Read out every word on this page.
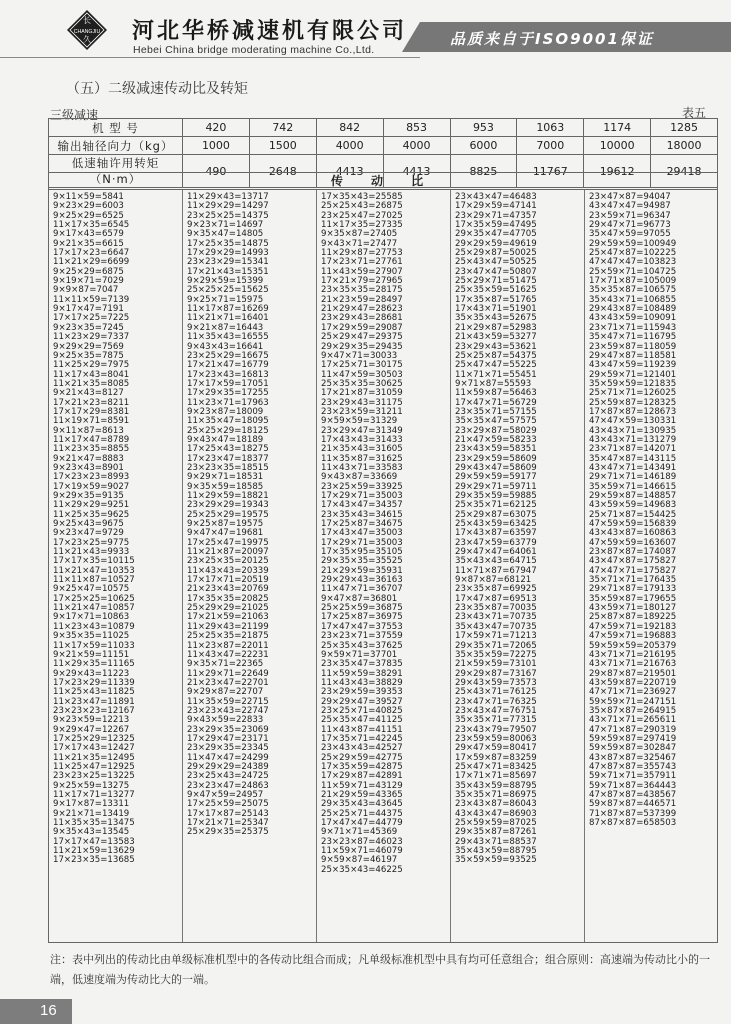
长
CHANGJIU
久 河北华桥减速机有限公司
Hebei China bridge moderating machine Co.,Ltd.
品质来自于ISO9001保证
（五）二级减速传动比及转矩
三级减速	表五
机 型 号	420	742	842	853	953	1063	1174	1285
输出轴径向力（kg）	1000	1500	4000	4000	6000	7000	10000	18000
低速轴许用转矩（N·m）	490	2648	4413	4413	8825	11767	19612	29418
传 动 比
9×11×59=5841
9×23×29=6003
9×25×29=6525
11×17×35=6545
9×17×43=6579
9×21×35=6615
17×17×23=6647
11×21×29=6699
9×25×29=6875
9×19×71=7029
9×9×87=7047
11×11×59=7139
9×17×47=7191
17×17×25=7225
9×23×35=7245
11×23×29=7337
9×29×29=7569
9×25×35=7875
11×25×29=7975
11×17×43=8041
11×21×35=8085
9×21×43=8127
17×21×23=8211
17×17×29=8381
11×19×71=8591
9×11×87=8613
11×17×47=8789
11×23×35=8855
9×21×47=8883
9×23×43=8901
17×23×23=8993
17×19×59=9027
9×29×35=9135
11×29×29=9251
11×25×35=9625
9×25×43=9675
9×23×47=9729
17×23×25=9775
11×21×43=9933
17×17×35=10115
11×21×47=10353
11×11×87=10527
9×25×47=10575
17×25×25=10625
11×21×47=10857
9×17×71=10863
11×23×43=10879
9×35×35=11025
11×17×59=11033
9×21×59=11151
11×29×35=11165
9×29×43=11223
17×23×29=11339
11×25×43=11825
11×23×47=11891
23×23×23=12167
9×23×59=12213
9×29×47=12267
17×25×29=12325
17×17×43=12427
11×21×35=12495
11×25×47=12925
23×23×25=13225
9×25×59=13275
11×17×71=13277
9×17×87=13311
9×21×71=13419
11×35×35=13475
9×35×43=13545
17×17×47=13583
11×21×59=13629
17×23×35=13685
11×29×43=13717
11×29×29=14297
23×25×25=14375
9×23×71=14697
9×35×47=14805
17×25×35=14875
17×29×29=14993
23×23×29=15341
17×21×43=15351
9×29×59=15399
25×25×25=15625
9×25×71=15975
11×17×87=16269
11×21×71=16401
9×21×87=16443
11×35×43=16555
9×43×43=16641
23×25×29=16675
17×21×47=16779
17×23×43=16813
17×17×59=17051
17×29×35=17255
11×23×71=17963
9×23×87=18009
11×35×47=18095
25×25×29=18125
9×43×47=18189
17×25×43=18275
17×23×47=18377
23×23×35=18515
9×29×71=18531
9×35×59=18585
11×29×59=18821
23×29×29=19343
25×25×29=19575
9×25×87=19575
9×47×47=19681
17×25×47=19975
11×21×87=20097
23×25×35=20125
11×43×43=20339
17×17×71=20519
21×23×43=20769
17×35×35=20825
25×29×29=21025
17×21×59=21063
11×29×43=21199
25×25×35=21875
11×23×87=22011
11×43×47=22231
9×35×71=22365
11×29×71=22649
21×23×47=22701
9×29×87=22707
11×35×59=22715
23×23×43=22747
9×43×59=22833
23×29×35=23069
17×29×47=23171
23×29×35=23345
11×47×47=24299
29×29×29=24389
23×25×43=24725
23×23×47=24863
9×47×59=24957
17×25×59=25075
17×17×87=25143
17×21×71=25347
25×29×35=25375
17×35×43=25585
25×25×43=26875
23×25×47=27025
11×17×35=27335
9×35×87=27405
9×43×71=27477
11×29×87=27753
17×23×71=27761
11×43×59=27907
17×21×79=27965
23×35×35=28175
21×23×59=28497
21×29×47=28623
23×29×43=28681
17×29×59=29087
25×29×47=29375
29×29×35=29435
9×47×71=30033
17×25×71=30175
11×47×59=30503
25×35×35=30625
17×21×87=31059
23×29×43=31175
23×23×59=31211
9×59×59=31329
23×29×47=31349
17×43×43=31433
21×35×43=31605
11×35×87=31625
11×43×71=33583
9×43×87=33669
23×25×59=33925
17×29×71=35003
17×43×47=34357
23×35×43=34615
17×25×87=34675
17×43×47=35003
17×29×71=35003
17×35×95=35105
29×35×35=35525
21×29×59=35931
29×29×43=36163
11×47×71=36707
9×47×87=36801
25×25×59=36875
17×25×87=36975
17×47×47=37553
23×23×71=37559
25×35×43=37625
9×59×71=37701
23×35×47=37835
11×59×59=38291
11×43×43=38829
23×29×59=39353
29×29×47=39527
23×25×71=40825
25×35×47=41125
11×43×87=41151
17×35×71=42245
23×43×43=42527
25×29×59=42775
17×35×59=42875
17×29×87=42891
11×59×71=43129
21×29×59=43365
29×35×43=43645
25×25×71=44375
17×47×47=44779
9×71×71=45369
23×23×87=46023
11×59×71=46079
9×59×87=46197
25×35×43=46225
23×43×47=46483
17×29×59=47141
23×29×71=47357
17×35×59=47495
29×35×47=47705
29×29×59=49619
25×29×87=50025
25×43×47=50525
23×47×47=50807
25×29×71=51475
25×35×59=51625
17×35×87=51765
17×43×71=51901
35×35×43=52675
21×29×87=52983
21×43×59=53277
23×29×43=53621
25×25×87=54375
25×47×47=55225
11×71×71=55451
9×71×87=55593
11×59×87=56463
17×47×71=56729
23×35×71=57155
35×35×47=57575
23×29×87=58029
21×47×59=58233
23×43×59=58351
23×29×59=58609
29×43×47=58609
29×59×59=59177
29×29×71=59711
29×35×59=59885
25×35×71=62125
25×29×87=63075
25×43×59=63425
17×43×87=63597
23×47×59=63779
29×47×47=64061
35×43×43=64715
11×71×87=67947
9×87×87=68121
23×35×87=69925
17×47×87=69513
23×35×87=70035
23×43×71=70735
35×43×47=70735
17×59×71=71213
29×35×71=72065
35×35×59=72275
21×59×59=73101
29×29×87=73167
29×43×59=73573
25×43×71=76125
23×47×71=76325
23×43×47=76751
35×35×71=77315
23×43×79=79507
23×59×59=80063
29×47×59=80417
17×59×87=83259
25×47×71=83425
17×71×71=85697
35×43×59=88795
35×35×71=86975
23×43×87=86043
43×43×47=86903
25×59×59=87025
29×35×87=87261
29×43×71=88537
35×43×59=88795
35×59×59=93525
23×47×87=94047
43×47×47=94987
23×59×71=96347
29×47×71=96773
35×47×59=97055
29×59×59=100949
25×47×87=102225
47×47×47=103823
25×59×71=104725
17×71×87=105009
35×35×87=106575
35×43×71=106855
29×43×87=108489
43×43×59=109091
23×71×71=115943
35×47×71=116795
23×59×87=118059
29×47×87=118581
43×47×59=119239
29×59×71=121401
35×59×59=121835
25×71×71=126025
25×59×87=128325
17×87×87=128673
47×47×59=130331
43×43×71=130935
43×43×71=131279
23×71×87=142071
35×47×87=143115
43×47×71=143491
29×71×71=146189
35×59×71=146615
29×59×87=148857
43×59×59=149683
25×71×87=154425
47×59×59=156839
43×43×87=160863
47×59×59=163607
23×87×87=174087
43×47×87=175827
47×47×71=175827
35×71×71=176435
29×71×87=179133
35×59×87=179655
43×59×71=180127
25×87×87=189225
47×59×71=192183
47×59×71=196883
59×59×59=205379
43×71×71=216195
43×71×71=216763
29×87×87=219501
43×59×87=220719
47×71×71=236927
59×59×71=247151
35×87×87=264915
43×71×71=265611
47×71×87=290319
59×59×87=297419
59×59×87=302847
43×87×87=325467
47×87×87=355743
59×71×71=357911
59×71×87=364443
47×87×87=438567
59×87×87=446571
71×87×87=537399
87×87×87=658503
注：表中列出的传动比由单级标准机型中的各传动比组合而成；凡单级标准机型中具有均可任意组合；组合原则：高速端为传动比小的一端，低速度端为传动比大的一端。
16
